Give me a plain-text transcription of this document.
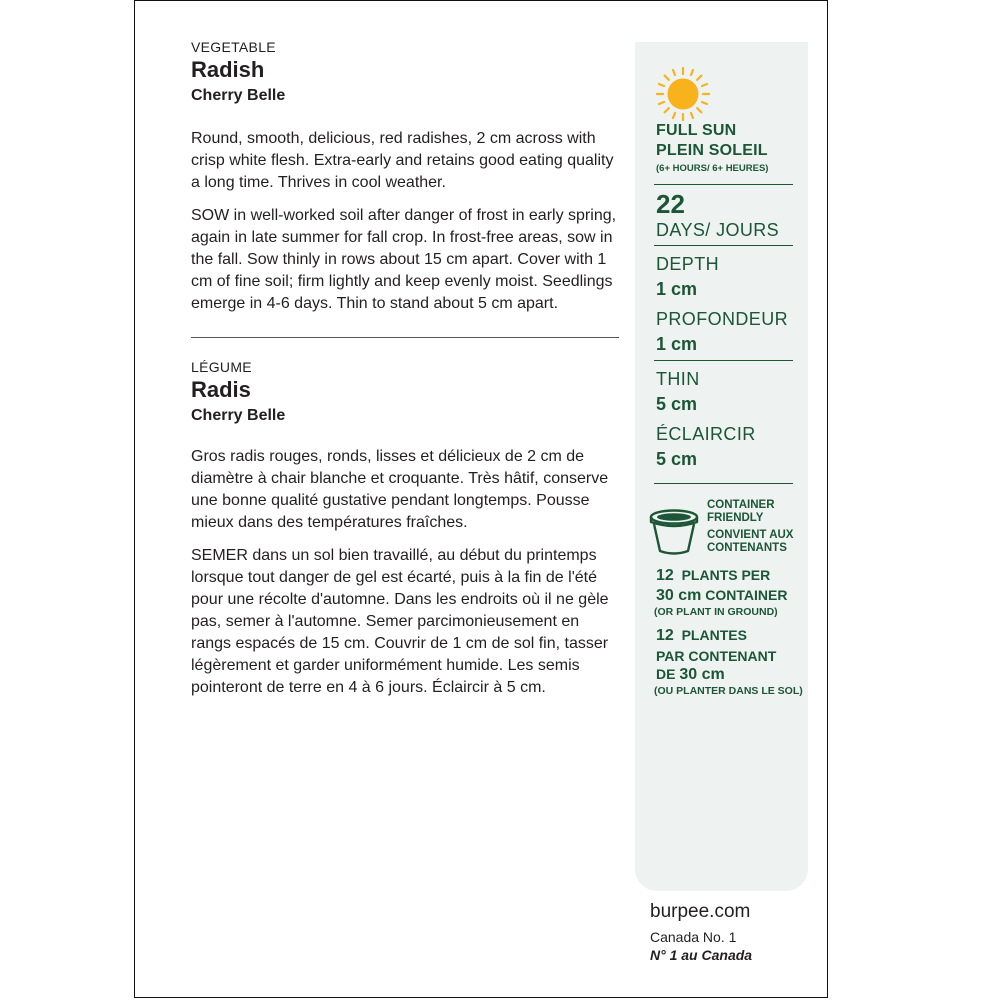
VEGETABLE

Radish

Cherry Belle

Round, smooth, delicious, red radishes, 2 cm across with crisp white flesh. Extra-early and retains good eating quality a long time. Thrives in cool weather.

SOW in well-worked soil after danger of frost in early spring, again in late summer for fall crop. In frost-free areas, sow in the fall. Sow thinly in rows about 15 cm apart. Cover with 1 cm of fine soil; firm lightly and keep evenly moist. Seedlings emerge in 4-6 days. Thin to stand about 5 cm apart.

LÉGUME

Radis

Cherry Belle

Gros radis rouges, ronds, lisses et délicieux de 2 cm de diamètre à chair blanche et croquante. Très hâtif, conserve une bonne qualité gustative pendant longtemps. Pousse mieux dans des températures fraîches.

SEMER dans un sol bien travaillé, au début du printemps lorsque tout danger de gel est écarté, puis à la fin de l'été pour une récolte d'automne. Dans les endroits où il ne gèle pas, semer à l'automne. Semer parcimonieusement en rangs espacés de 15 cm. Couvrir de 1 cm de sol fin, tasser légèrement et garder uniformément humide. Les semis pointeront de terre en 4 à 6 jours. Éclaircir à 5 cm.

FULL SUN

PLEIN SOLEIL

(6+ HOURS/ 6+ HEURES)

22

DAYS/ JOURS

DEPTH

1 cm

PROFONDEUR

1 cm

THIN

5 cm

ÉCLAIRCIR

5 cm

CONTAINER FRIENDLY

CONVIENT AUX CONTENANTS

12 PLANTS PER

30 cm CONTAINER

(OR PLANT IN GROUND)

12 PLANTES

PAR CONTENANT

DE 30 cm

(OU PLANTER DANS LE SOL)

burpee.com

Canada No. 1

N° 1 au Canada
